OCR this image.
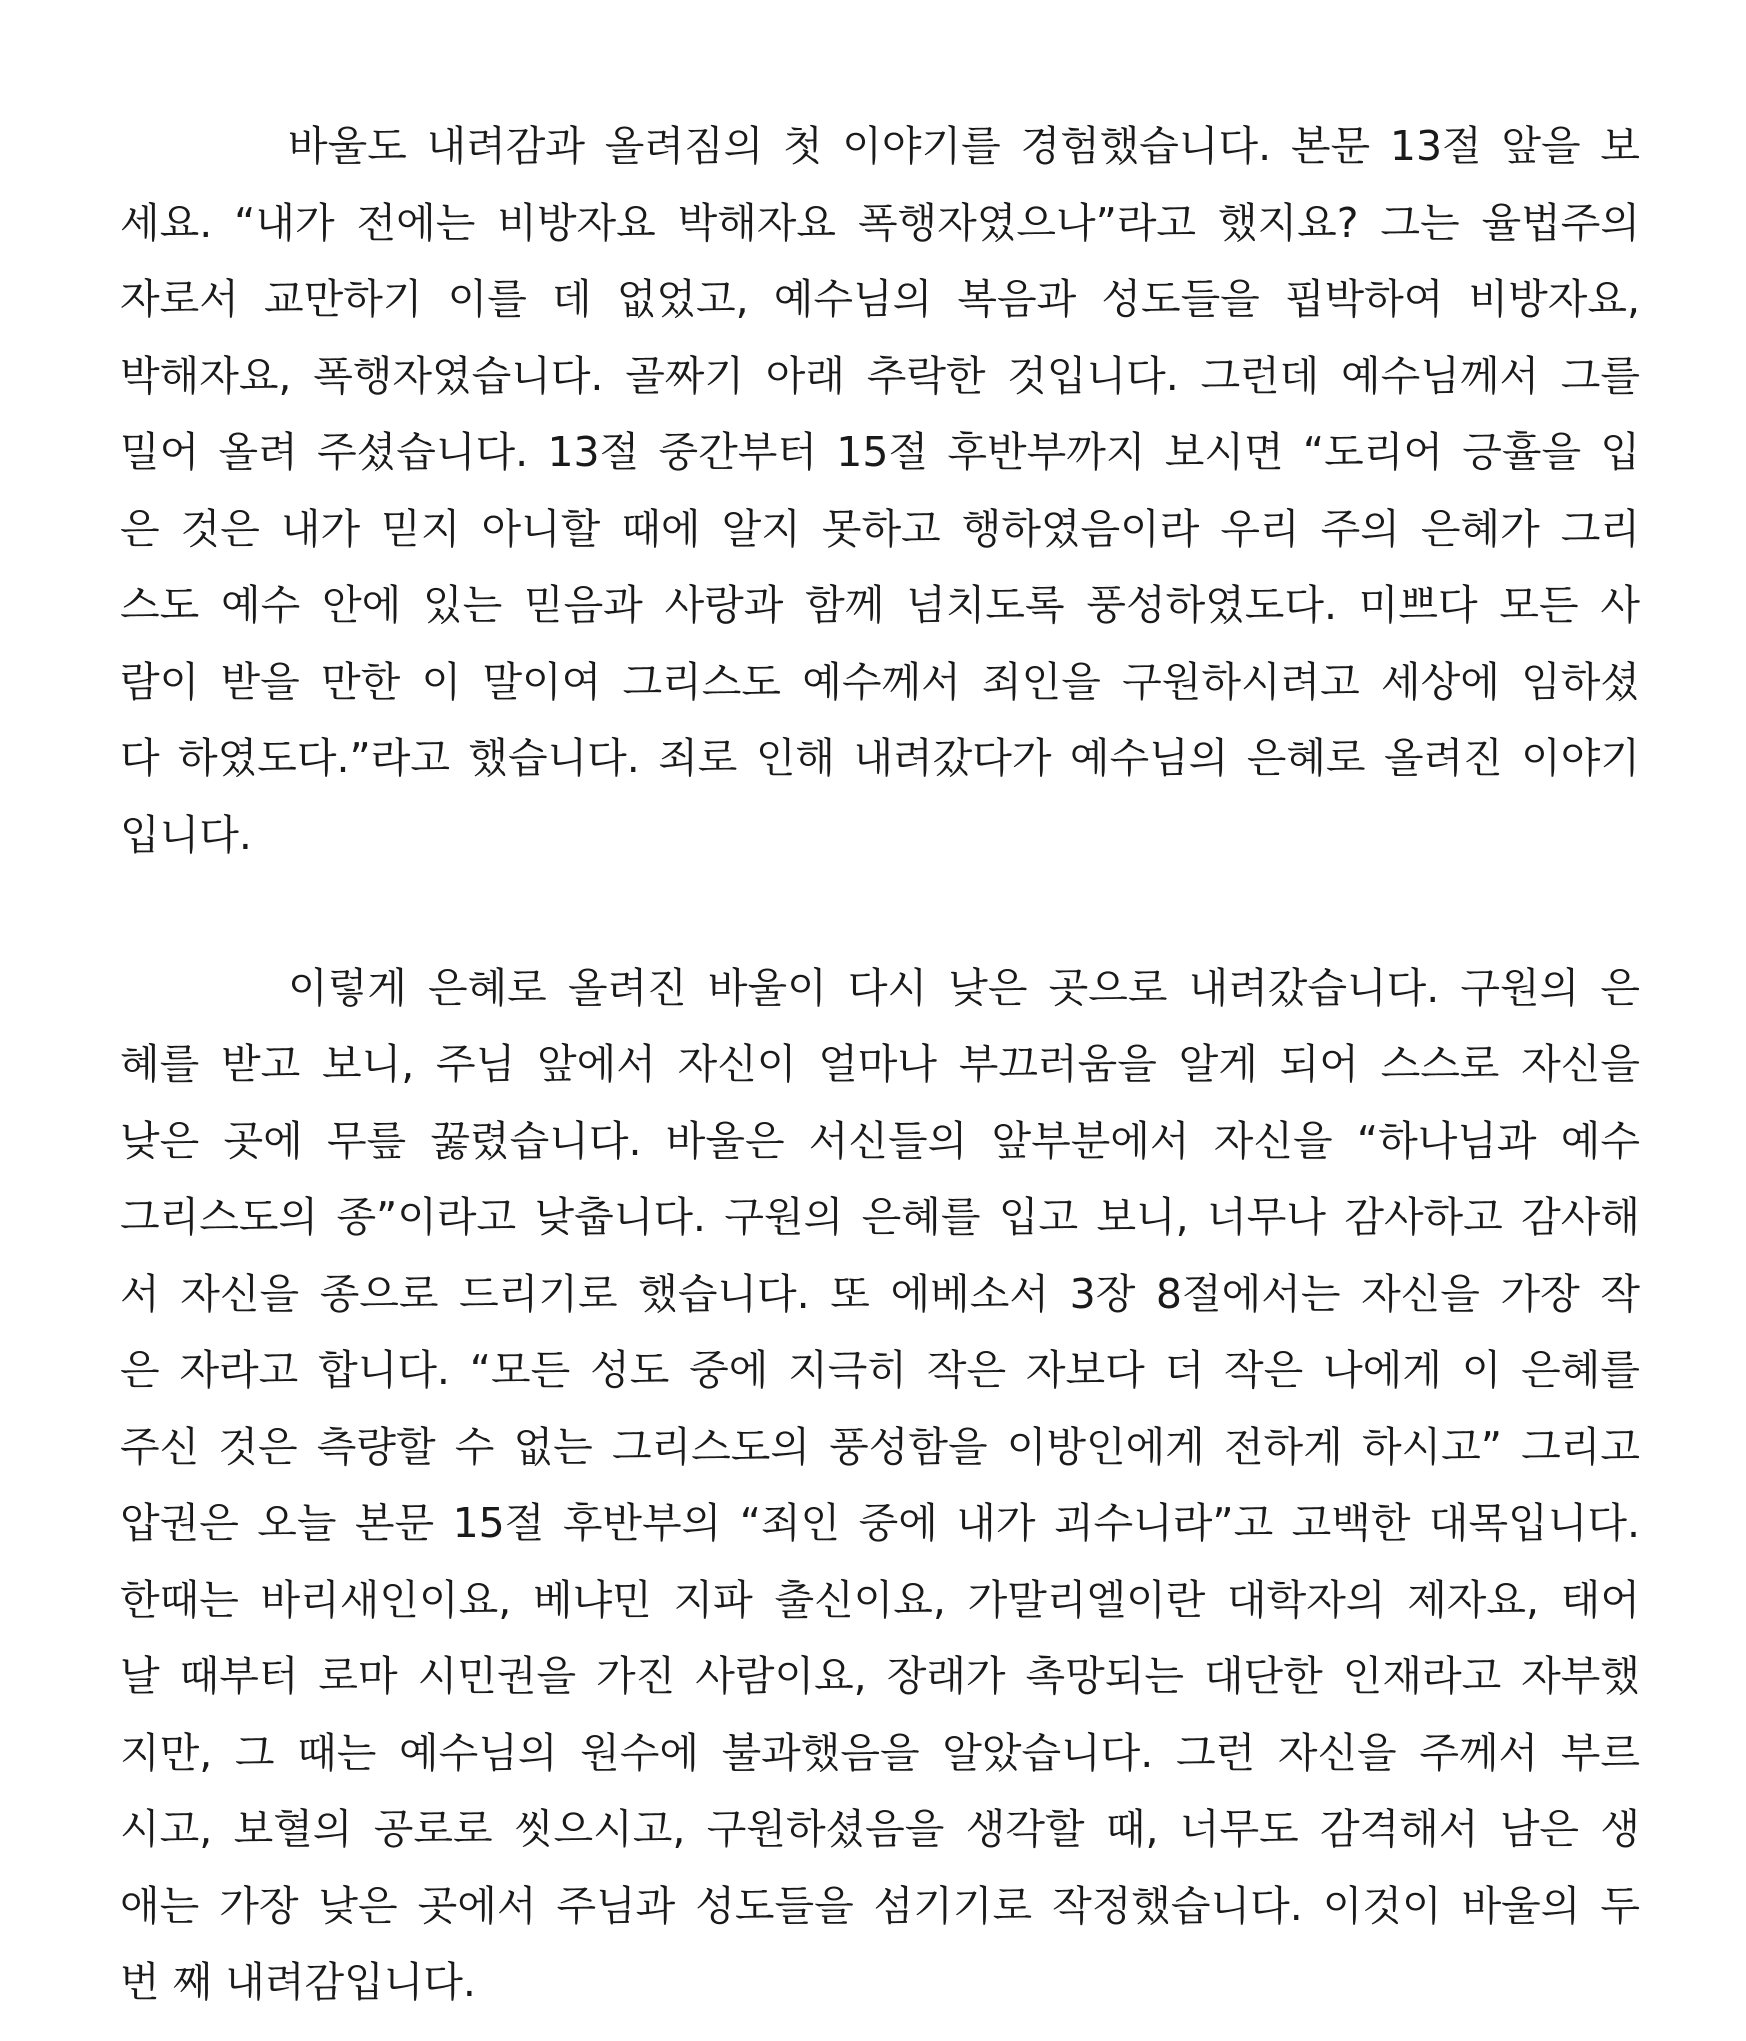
바울도 내려감과 올려짐의 첫 이야기를 경험했습니다. 본문 13절 앞을 보
세요. “내가 전에는 비방자요 박해자요 폭행자였으나”라고 했지요? 그는 율법주의
자로서 교만하기 이를 데 없었고, 예수님의 복음과 성도들을 핍박하여 비방자요,
박해자요, 폭행자였습니다. 골짜기 아래 추락한 것입니다. 그런데 예수님께서 그를
밀어 올려 주셨습니다. 13절 중간부터 15절 후반부까지 보시면 “도리어 긍휼을 입
은 것은 내가 믿지 아니할 때에 알지 못하고 행하였음이라 우리 주의 은혜가 그리
스도 예수 안에 있는 믿음과 사랑과 함께 넘치도록 풍성하였도다. 미쁘다 모든 사
람이 받을 만한 이 말이여 그리스도 예수께서 죄인을 구원하시려고 세상에 임하셨
다 하였도다.”라고 했습니다. 죄로 인해 내려갔다가 예수님의 은혜로 올려진 이야기
입니다.

이렇게 은혜로 올려진 바울이 다시 낮은 곳으로 내려갔습니다. 구원의 은
혜를 받고 보니, 주님 앞에서 자신이 얼마나 부끄러움을 알게 되어 스스로 자신을
낮은 곳에 무릎 꿇렸습니다. 바울은 서신들의 앞부분에서 자신을 “하나님과 예수
그리스도의 종”이라고 낮춥니다. 구원의 은혜를 입고 보니, 너무나 감사하고 감사해
서 자신을 종으로 드리기로 했습니다. 또 에베소서 3장 8절에서는 자신을 가장 작
은 자라고 합니다. “모든 성도 중에 지극히 작은 자보다 더 작은 나에게 이 은혜를
주신 것은 측량할 수 없는 그리스도의 풍성함을 이방인에게 전하게 하시고” 그리고
압권은 오늘 본문 15절 후반부의 “죄인 중에 내가 괴수니라”고 고백한 대목입니다.
한때는 바리새인이요, 베냐민 지파 출신이요, 가말리엘이란 대학자의 제자요, 태어
날 때부터 로마 시민권을 가진 사람이요, 장래가 촉망되는 대단한 인재라고 자부했
지만, 그 때는 예수님의 원수에 불과했음을 알았습니다. 그런 자신을 주께서 부르
시고, 보혈의 공로로 씻으시고, 구원하셨음을 생각할 때, 너무도 감격해서 남은 생
애는 가장 낮은 곳에서 주님과 성도들을 섬기기로 작정했습니다. 이것이 바울의 두
번 째 내려감입니다.
